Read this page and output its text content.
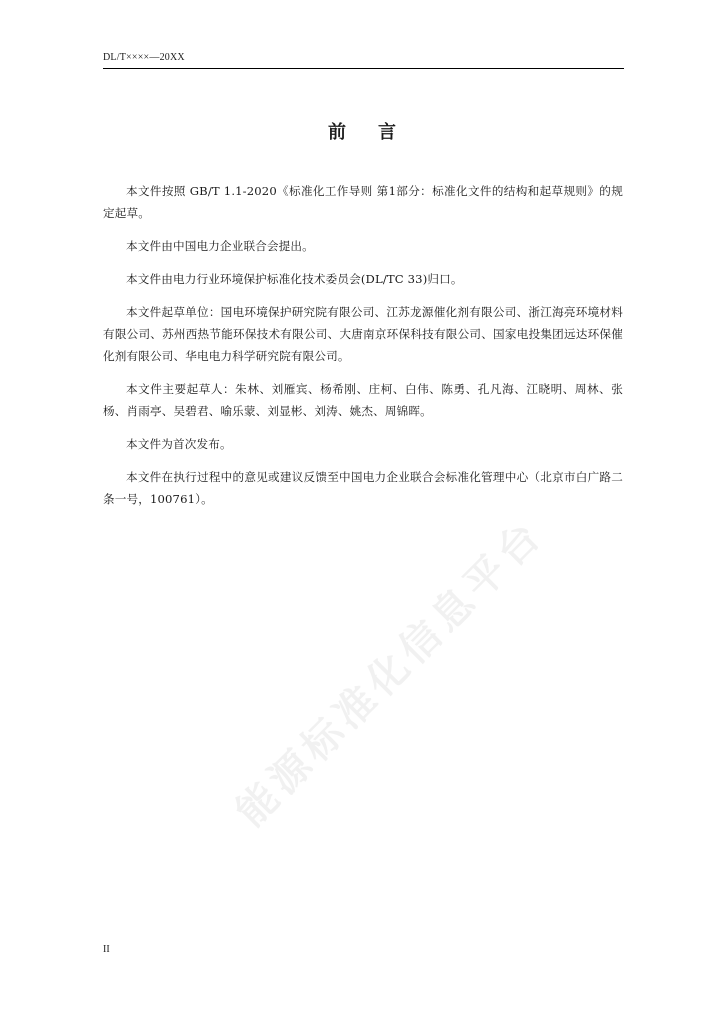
DL/T××××—20XX
前言

本文件按照 GB/T 1.1-2020《标准化工作导则 第1部分：标准化文件的结构和起草规则》的规定起草。

本文件由中国电力企业联合会提出。

本文件由电力行业环境保护标准化技术委员会(DL/TC 33)归口。

本文件起草单位：国电环境保护研究院有限公司、江苏龙源催化剂有限公司、浙江海亮环境材料有限公司、苏州西热节能环保技术有限公司、大唐南京环保科技有限公司、国家电投集团远达环保催化剂有限公司、华电电力科学研究院有限公司。

本文件主要起草人：朱林、刘雁宾、杨希刚、庄柯、白伟、陈勇、孔凡海、江晓明、周林、张杨、肖雨亭、吴碧君、喻乐蒙、刘显彬、刘涛、姚杰、周锦晖。

本文件为首次发布。

本文件在执行过程中的意见或建议反馈至中国电力企业联合会标准化管理中心（北京市白广路二条一号，100761）。

能源标准化信息平台
II
